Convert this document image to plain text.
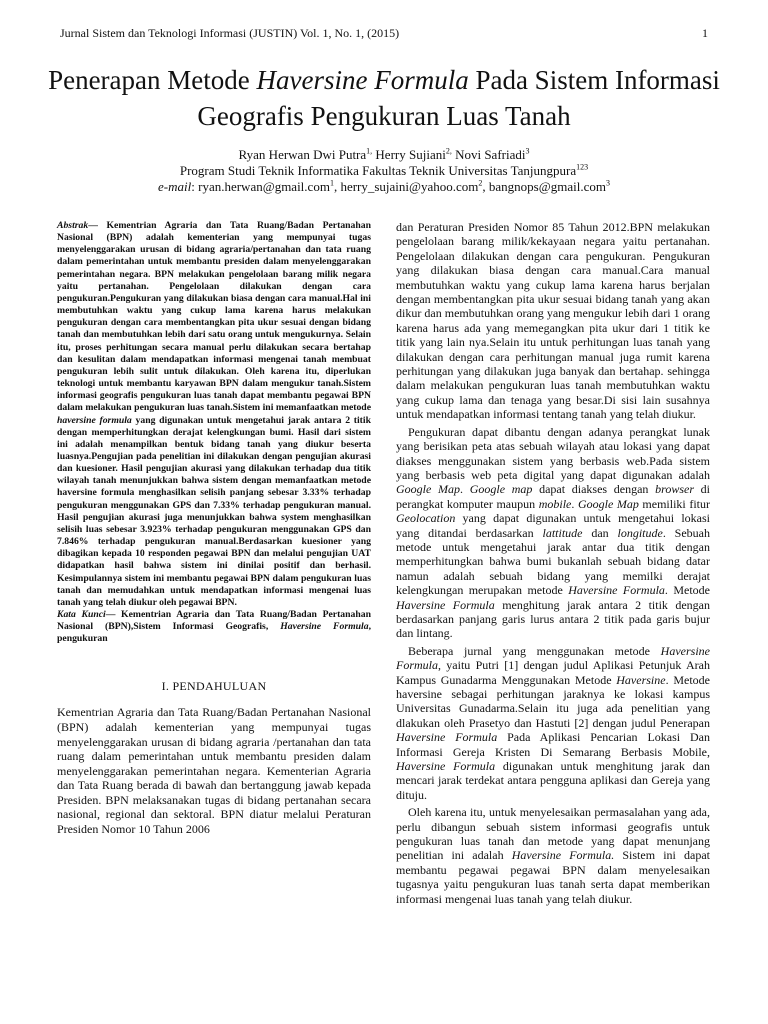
Jurnal Sistem dan Teknologi Informasi (JUSTIN) Vol. 1, No. 1, (2015)	1
Penerapan Metode Haversine Formula Pada Sistem Informasi Geografis Pengukuran Luas Tanah
Ryan Herwan Dwi Putra$^{1,}$ Herry Sujiani$^{2,}$ Novi Safriadi$^3$
Program Studi Teknik Informatika Fakultas Teknik Universitas Tanjungpura$^{123}$
e-mail: ryan.herwan@gmail.com$^1$, herry_sujaini@yahoo.com$^2$, bangnops@gmail.com$^3$
Abstrak— Kementrian Agraria dan Tata Ruang/Badan Pertanahan Nasional (BPN) adalah kementerian yang mempunyai tugas menyelenggarakan urusan di bidang agraria/pertanahan dan tata ruang dalam pemerintahan untuk membantu presiden dalam menyelenggarakan pemerintahan negara. BPN melakukan pengelolaan barang milik negara yaitu pertanahan. Pengelolaan dilakukan dengan cara pengukuran.Pengukuran yang dilakukan biasa dengan cara manual.Hal ini membutuhkan waktu yang cukup lama karena harus melakukan pengukuran dengan cara membentangkan pita ukur sesuai dengan bidang tanah dan membutuhkan lebih dari satu orang untuk mengukurnya. Selain itu, proses perhitungan secara manual perlu dilakukan secara bertahap dan kesulitan dalam mendapatkan informasi mengenai tanah membuat pengukuran lebih sulit untuk dilakukan. Oleh karena itu, diperlukan teknologi untuk membantu karyawan BPN dalam mengukur tanah.Sistem informasi geografis pengukuran luas tanah dapat membantu pegawai BPN dalam melakukan pengukuran luas tanah.Sistem ini memanfaatkan metode haversine formula yang digunakan untuk mengetahui jarak antara 2 titik dengan memperhitungkan derajat kelengkungan bumi. Hasil dari sistem ini adalah menampilkan bentuk bidang tanah yang diukur beserta luasnya.Pengujian pada penelitian ini dilakukan dengan pengujian akurasi dan kuesioner. Hasil pengujian akurasi yang dilakukan terhadap dua titik wilayah tanah menunjukkan bahwa sistem dengan memanfaatkan metode haversine formula menghasilkan selisih panjang sebesar 3.33% terhadap pengukuran menggunakan GPS dan 7.33% terhadap pengukuran manual. Hasil pengujian akurasi juga menunjukkan bahwa system menghasilkan selisih luas sebesar 3.923% terhadap pengukuran menggunakan GPS dan 7.846% terhadap pengukuran manual.Berdasarkan kuesioner yang dibagikan kepada 10 responden pegawai BPN dan melalui pengujian UAT didapatkan hasil bahwa sistem ini dinilai positif dan berhasil. Kesimpulannya sistem ini membantu pegawai BPN dalam pengukuran luas tanah dan memudahkan untuk mendapatkan informasi mengenai luas tanah yang telah diukur oleh pegawai BPN.
Kata Kunci— Kementrian Agraria dan Tata Ruang/Badan Pertanahan Nasional (BPN),Sistem Informasi Geografis, Haversine Formula, pengukuran
I. PENDAHULUAN

Kementrian Agraria dan Tata Ruang/Badan Pertanahan Nasional (BPN) adalah kementerian yang mempunyai tugas menyelenggarakan urusan di bidang agraria /pertanahan dan tata ruang dalam pemerintahan untuk membantu presiden dalam menyelenggarakan pemerintahan negara. Kementerian Agraria dan Tata Ruang berada di bawah dan bertanggung jawab kepada Presiden. BPN melaksanakan tugas di bidang pertanahan secara nasional, regional dan sektoral. BPN diatur melalui Peraturan Presiden Nomor 10 Tahun 2006

dan Peraturan Presiden Nomor 85 Tahun 2012.BPN melakukan pengelolaan barang milik/kekayaan negara yaitu pertanahan. Pengelolaan dilakukan dengan cara pengukuran. Pengukuran yang dilakukan biasa dengan cara manual.Cara manual membutuhkan waktu yang cukup lama karena harus berjalan dengan membentangkan pita ukur sesuai bidang tanah yang akan dikur dan membutuhkan orang yang mengukur lebih dari 1 orang karena harus ada yang memegangkan pita ukur dari 1 titik ke titik yang lain nya.Selain itu untuk perhitungan luas tanah yang dilakukan dengan cara perhitungan manual juga rumit karena perhitungan yang dilakukan juga banyak dan bertahap. sehingga dalam melakukan pengukuran luas tanah membutuhkan waktu yang cukup lama dan tenaga yang besar.Di sisi lain susahnya untuk mendapatkan informasi tentang tanah yang telah diukur.

Pengukuran dapat dibantu dengan adanya perangkat lunak yang berisikan peta atas sebuah wilayah atau lokasi yang dapat diakses menggunakan sistem yang berbasis web.Pada sistem yang berbasis web peta digital yang dapat digunakan adalah Google Map. Google map dapat diakses dengan browser di perangkat komputer maupun mobile. Google Map memiliki fitur Geolocation yang dapat digunakan untuk mengetahui lokasi yang ditandai berdasarkan lattitude dan longitude. Sebuah metode untuk mengetahui jarak antar dua titik dengan memperhitungkan bahwa bumi bukanlah sebuah bidang datar namun adalah sebuah bidang yang memilki derajat kelengkungan merupakan metode Haversine Formula. Metode Haversine Formula menghitung jarak antara 2 titik dengan berdasarkan panjang garis lurus antara 2 titik pada garis bujur dan lintang.

Beberapa jurnal yang menggunakan metode Haversine Formula, yaitu Putri [1] dengan judul Aplikasi Petunjuk Arah Kampus Gunadarma Menggunakan Metode Haversine. Metode haversine sebagai perhitungan jaraknya ke lokasi kampus Universitas Gunadarma.Selain itu juga ada penelitian yang dlakukan oleh Prasetyo dan Hastuti [2] dengan judul Penerapan Haversine Formula Pada Aplikasi Pencarian Lokasi Dan Informasi Gereja Kristen Di Semarang Berbasis Mobile, Haversine Formula digunakan untuk menghitung jarak dan mencari jarak terdekat antara pengguna aplikasi dan Gereja yang dituju.

Oleh karena itu, untuk menyelesaikan permasalahan yang ada, perlu dibangun sebuah sistem informasi geografis untuk pengukuran luas tanah dan metode yang dapat menunjang penelitian ini adalah Haversine Formula. Sistem ini dapat membantu pegawai pegawai BPN dalam menyelesaikan tugasnya yaitu pengukuran luas tanah serta dapat memberikan informasi mengenai luas tanah yang telah diukur.
